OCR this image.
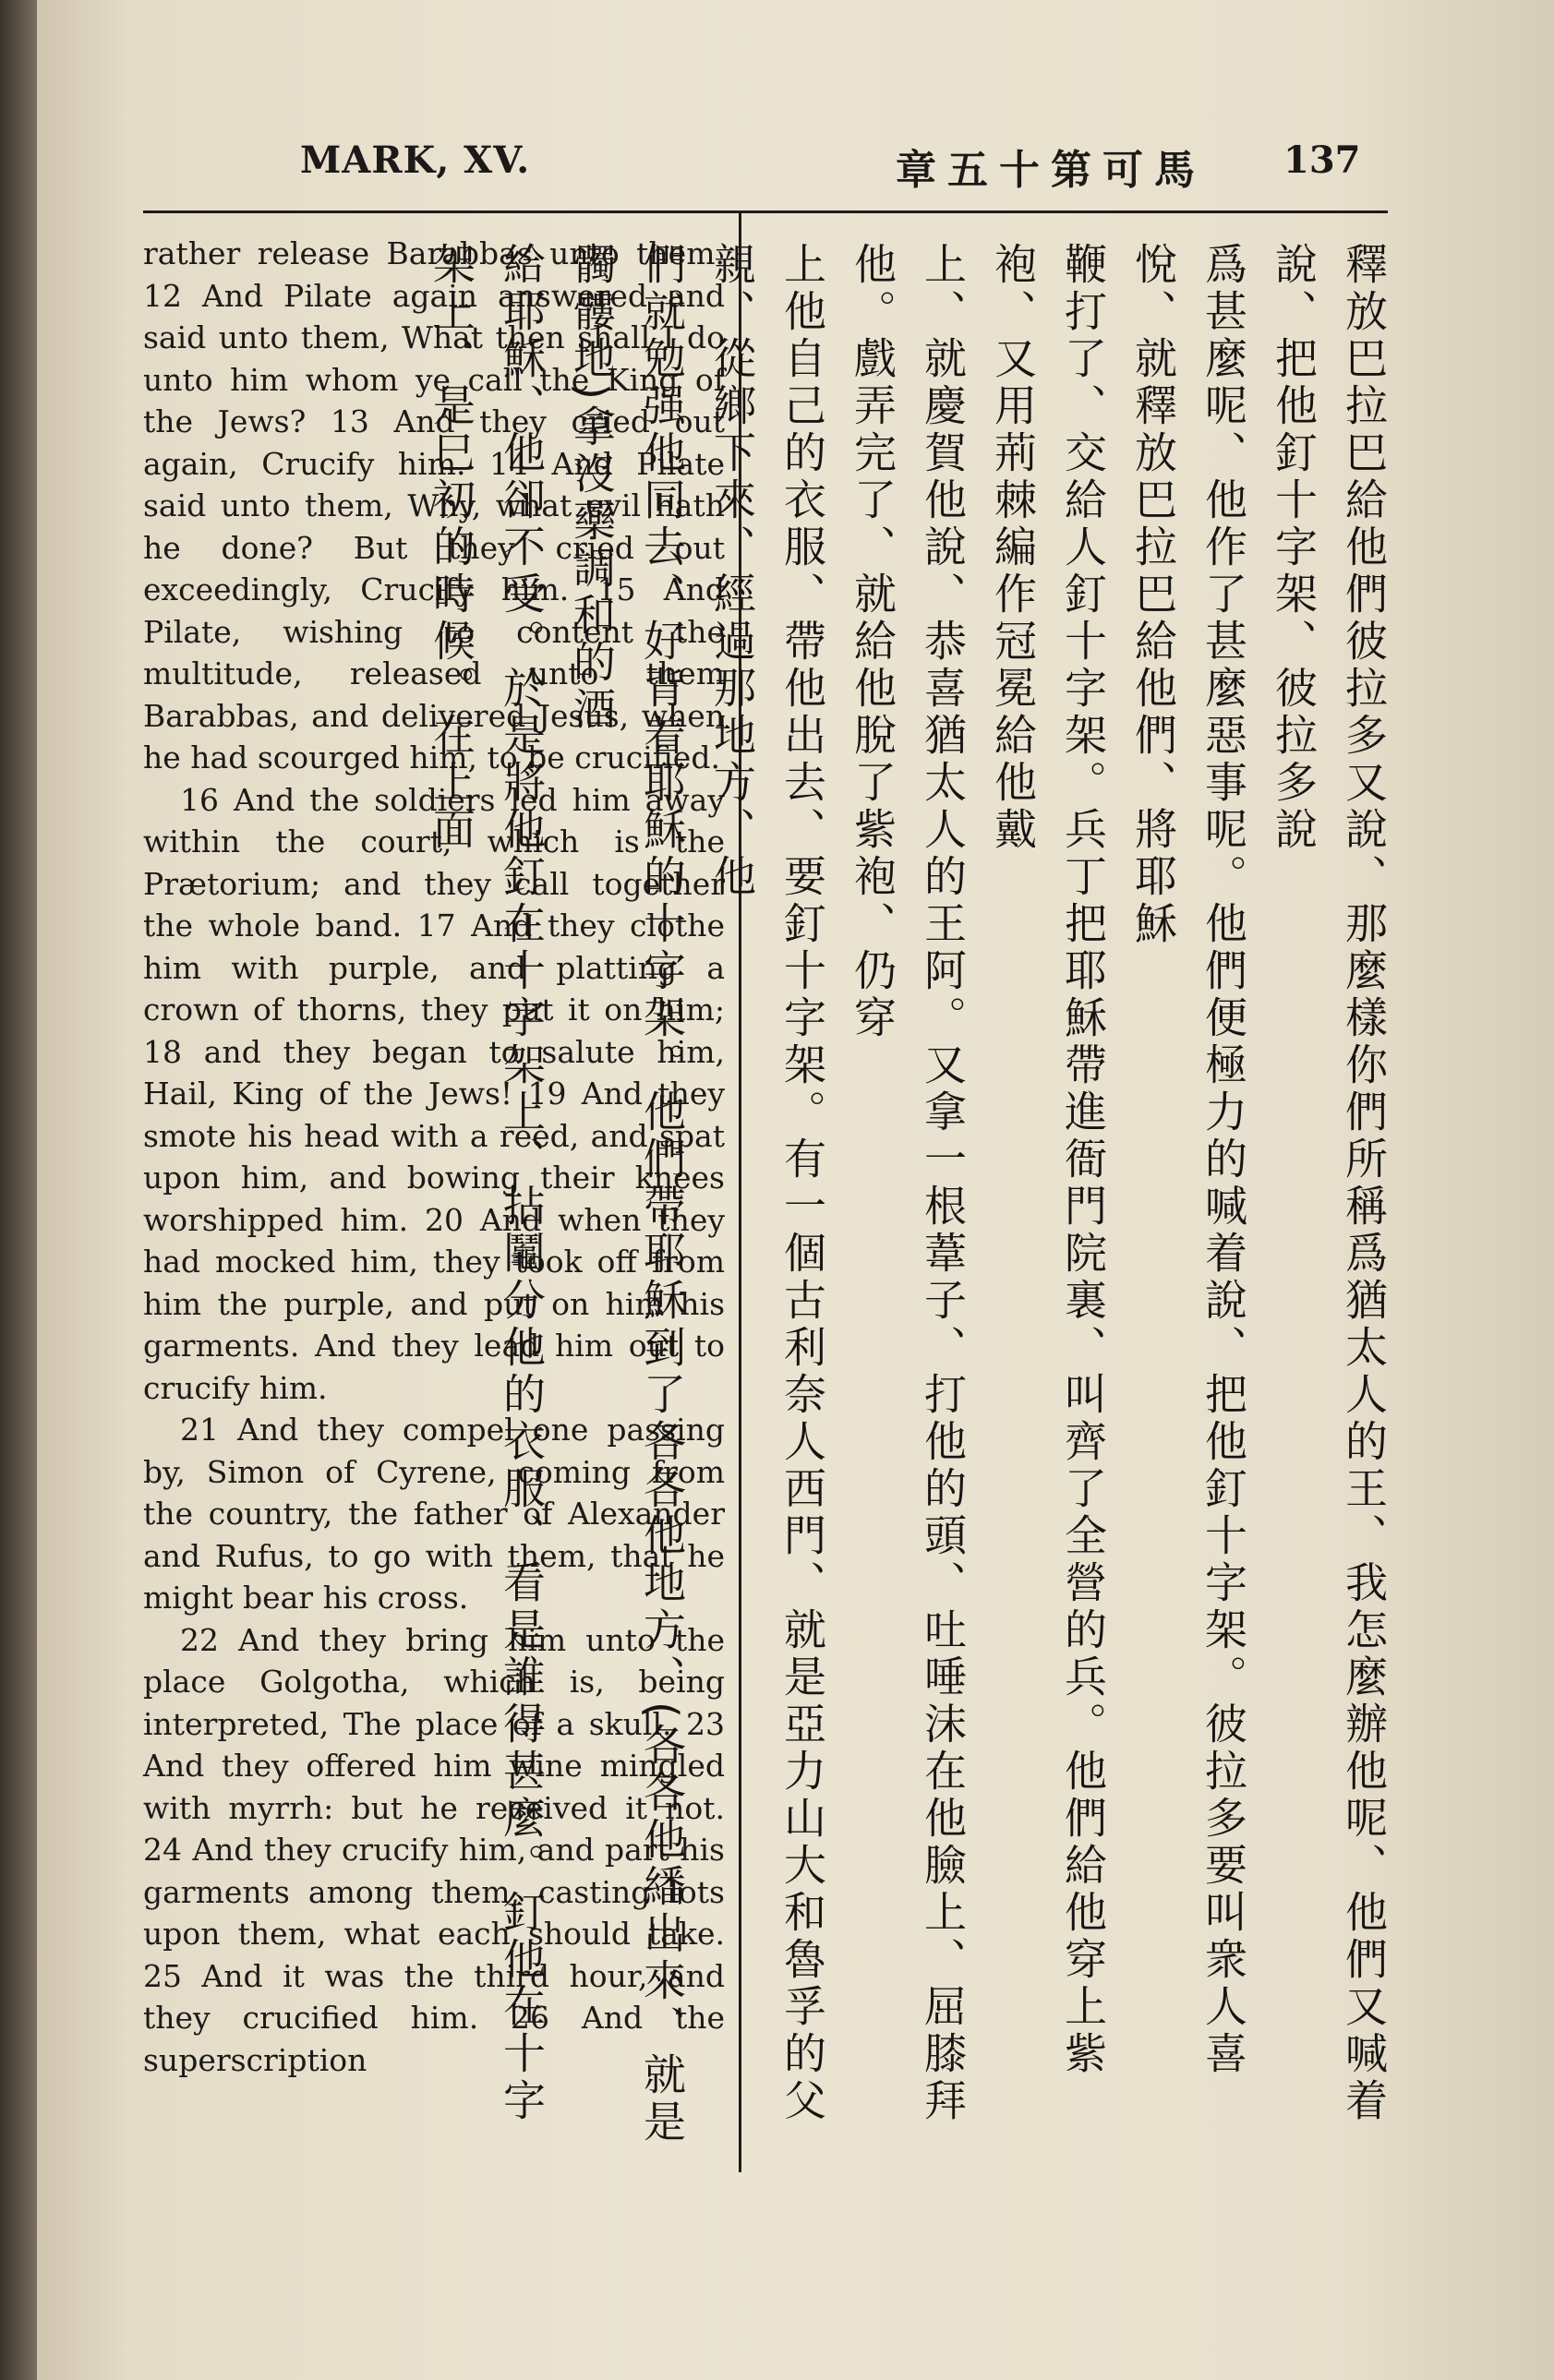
MARK, XV.	章五十第可馬 137

rather release Barabbas unto them. 12 And Pilate again answered and said unto them, What then shall I do unto him whom ye call the King of the Jews? 13 And they cried out again, Crucify him. 14 And Pilate said unto them, Why, what evil hath he done? But they cried out exceedingly, Crucify him. 15 And Pilate, wishing to content the multitude, released unto them Barabbas, and delivered Jesus, when he had scourged him, to be crucified.

16 And the soldiers led him away within the court, which is the Prætorium; and they call together the whole band. 17 And they clothe him with purple, and platting a crown of thorns, they put it on him; 18 and they began to salute him, Hail, King of the Jews! 19 And they smote his head with a reed, and spat upon him, and bowing their knees worshipped him. 20 And when they had mocked him, they took off from him the purple, and put on him his garments. And they lead him out to crucify him.

21 And they compel one passing by, Simon of Cyrene, coming from the country, the father of Alexander and Rufus, to go with them, that he might bear his cross.

22 And they bring him unto the place Golgotha, which is, being interpreted, The place of a skull. 23 And they offered him wine mingled with myrrh: but he received it not. 24 And they crucify him, and part his garments among them, casting lots upon them, what each should take. 25 And it was the third hour, and they crucified him. 26 And the superscription	釋放巴拉巴給他們彼拉多又說、那麼樣你們所稱爲猶太人的王、我怎麼辦他呢、他們又喊着說、把他釘十字架、彼拉多說

爲甚麼呢、他作了甚麼惡事呢。他們便極力的喊着說、把他釘十字架。彼拉多要叫衆人喜悅、就釋放巴拉巴給他們、將耶穌

鞭打了、交給人釘十字架。兵丁把耶穌帶進衙門院裏、叫齊了全營的兵。他們給他穿上紫袍、又用荊棘編作冠冕給他戴

上、就慶賀他說、恭喜猶太人的王阿。又拿一根葦子、打他的頭、吐唾沫在他臉上、屈膝拜他。戲弄完了、就給他脫了紫袍、仍穿

上他自己的衣服、帶他出去、要釘十字架。有一個古利奈人西門、就是亞力山大和魯孚的父親、從鄉下來、經過那地方、他

們就勉强他同去、好背着耶穌的十字架。他們帶耶穌到了各各他地方、(各各他繙出來、就是髑髏地)拿沒藥調和的酒

給耶穌、他卻不受。於是將他釘在十字架上、拈鬮分他的衣服、看是誰得甚麼。釘他在十字架上、是巳初的時候。在上面
